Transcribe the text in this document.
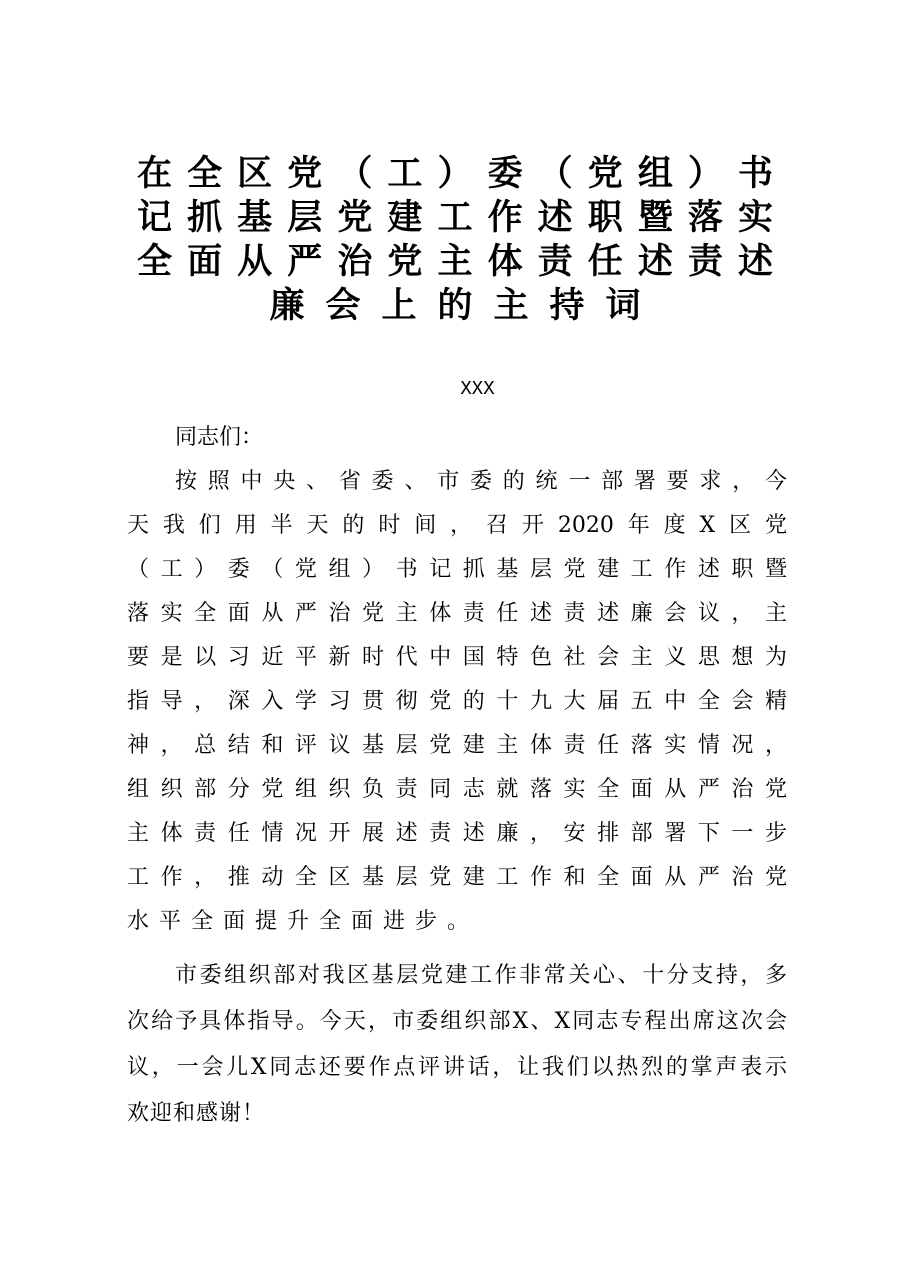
在全区党（工）委（党组）书
记抓基层党建工作述职暨落实
全面从严治党主体责任述责述
廉会上的主持词
XXX
同志们：
按照中央、省委、市委的统一部署要求，今
天我们用半天的时间，召开2020年度X区党
（工）委（党组）书记抓基层党建工作述职暨
落实全面从严治党主体责任述责述廉会议，主
要是以习近平新时代中国特色社会主义思想为
指导，深入学习贯彻党的十九大届五中全会精
神，总结和评议基层党建主体责任落实情况，
组织部分党组织负责同志就落实全面从严治党
主体责任情况开展述责述廉，安排部署下一步
工作，推动全区基层党建工作和全面从严治党
水平全面提升全面进步。
市委组织部对我区基层党建工作非常关心、十分支持，多
次给予具体指导。今天，市委组织部X、X同志专程出席这次会
议，一会儿X同志还要作点评讲话，让我们以热烈的掌声表示
欢迎和感谢！
